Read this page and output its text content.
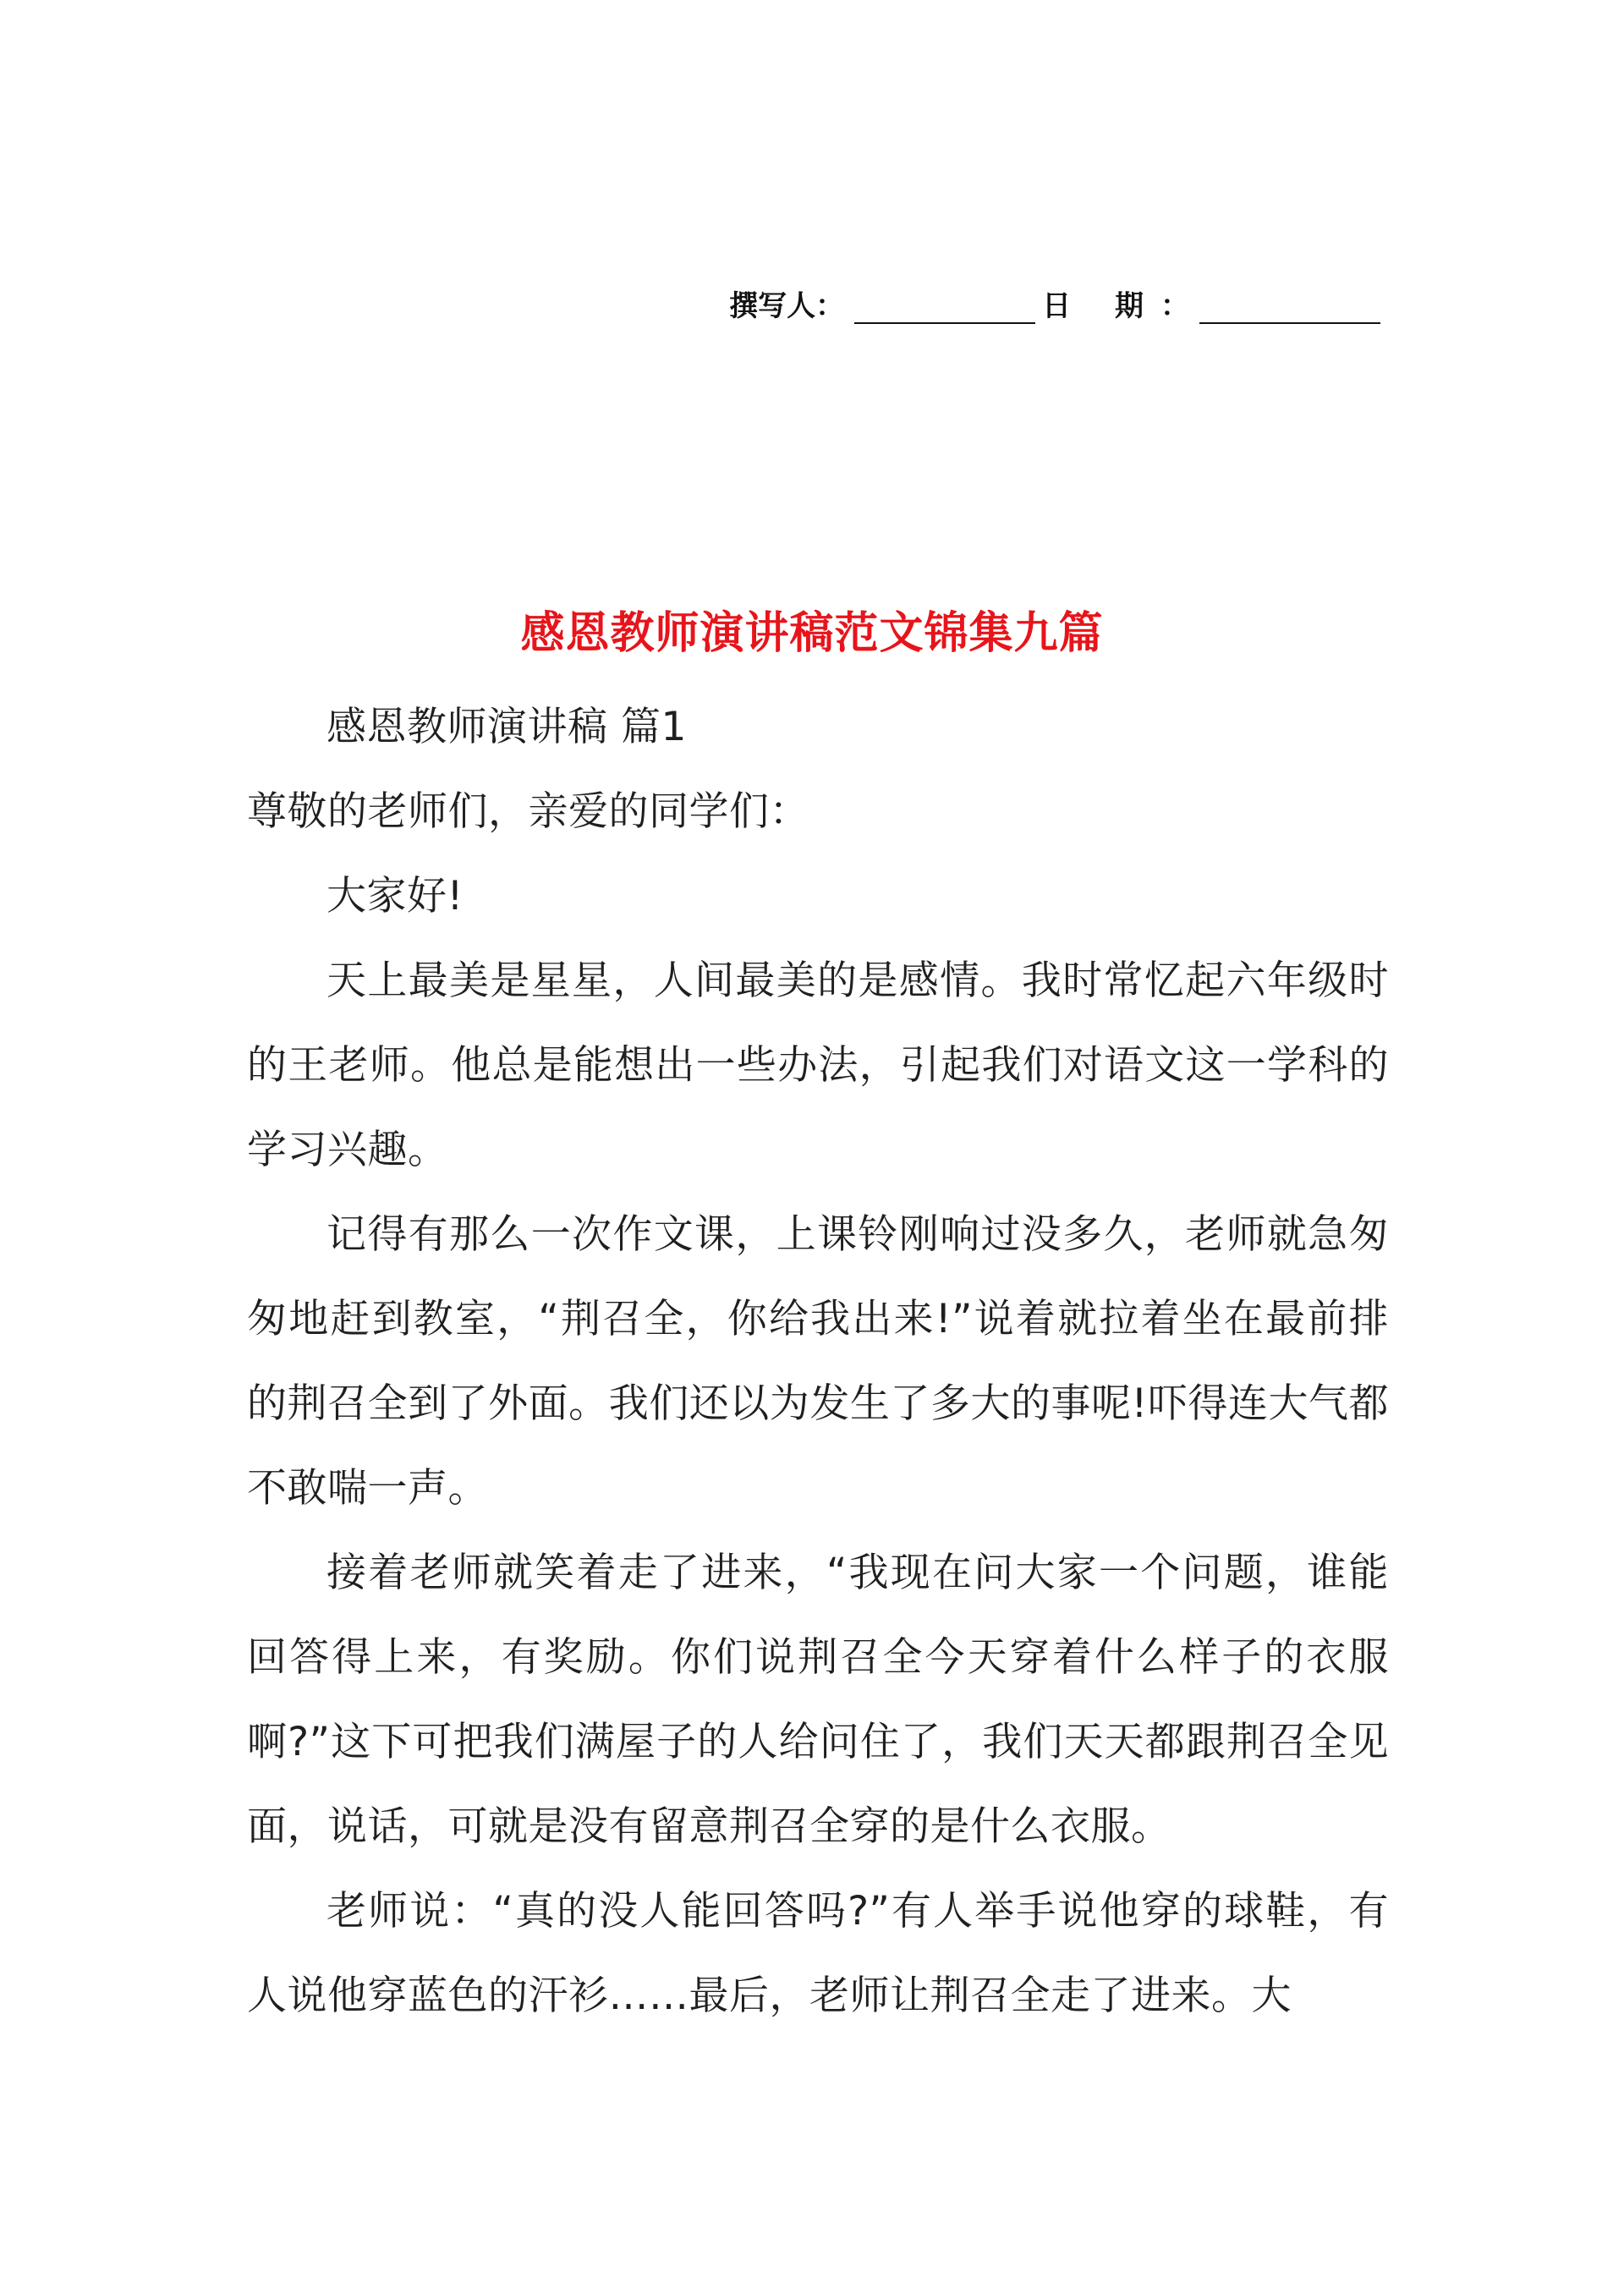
撰写人：	日 期：
感恩教师演讲稿范文锦集九篇

感恩教师演讲稿 篇1

尊敬的老师们，亲爱的同学们：

大家好!

天上最美是星星，人间最美的是感情。我时常忆起六年级时的王老师。他总是能想出一些办法，引起我们对语文这一学科的学习兴趣。

记得有那么一次作文课，上课铃刚响过没多久，老师就急匆匆地赶到教室，“荆召全，你给我出来!”说着就拉着坐在最前排的荆召全到了外面。我们还以为发生了多大的事呢!吓得连大气都不敢喘一声。

接着老师就笑着走了进来，“我现在问大家一个问题，谁能回答得上来，有奖励。你们说荆召全今天穿着什么样子的衣服啊?”这下可把我们满屋子的人给问住了，我们天天都跟荆召全见面，说话，可就是没有留意荆召全穿的是什么衣服。

老师说：“真的没人能回答吗?”有人举手说他穿的球鞋，有人说他穿蓝色的汗衫……最后，老师让荆召全走了进来。大
